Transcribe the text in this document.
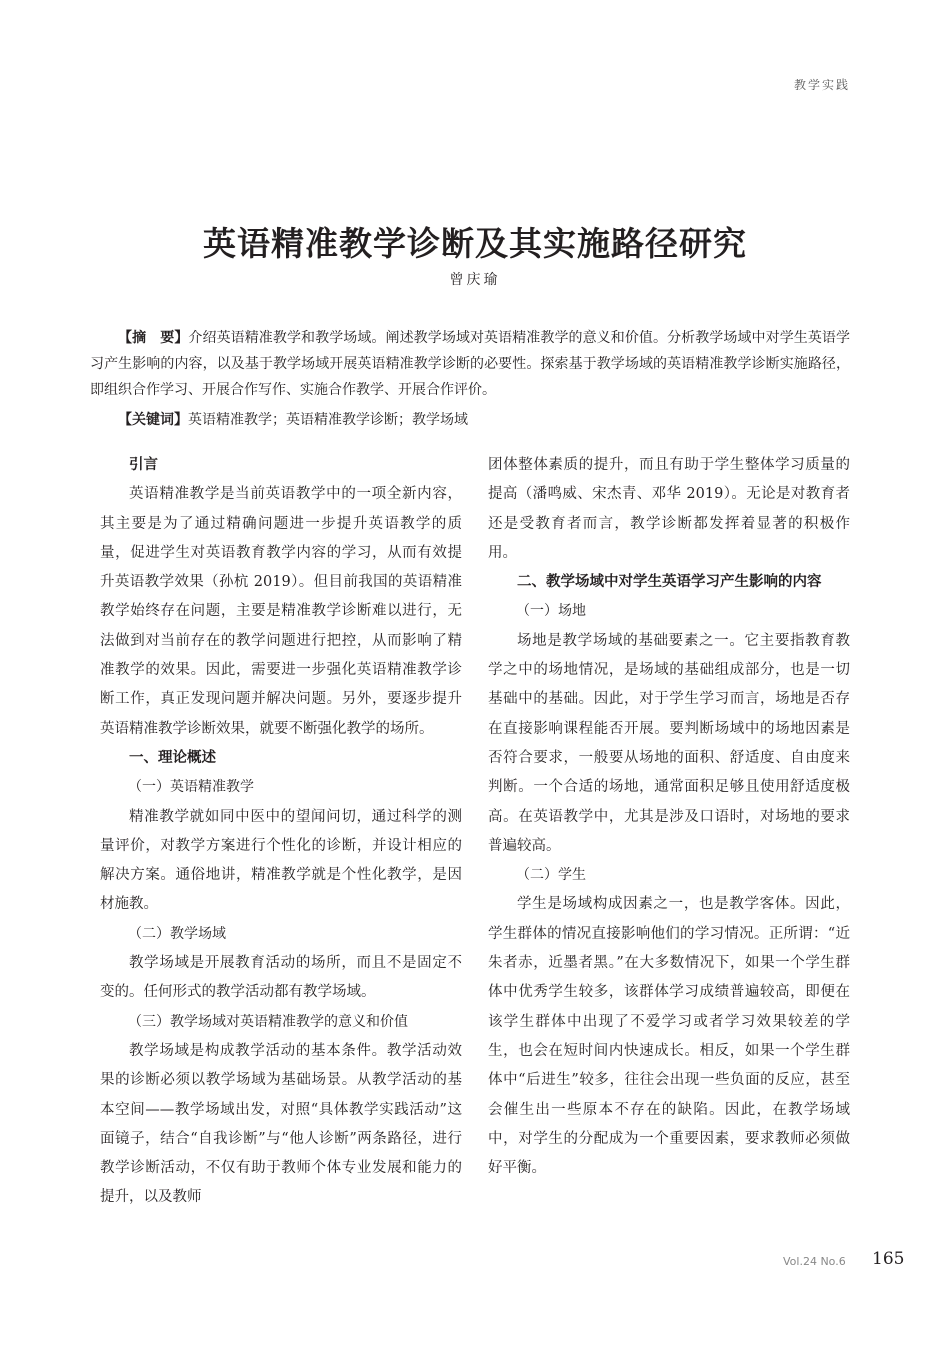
教学实践
英语精准教学诊断及其实施路径研究
曾庆瑜

【摘　要】介绍英语精准教学和教学场域。阐述教学场域对英语精准教学的意义和价值。分析教学场域中对学生英语学习产生影响的内容，以及基于教学场域开展英语精准教学诊断的必要性。探索基于教学场域的英语精准教学诊断实施路径，即组织合作学习、开展合作写作、实施合作教学、开展合作评价。

【关键词】英语精准教学；英语精准教学诊断；教学场域

引言

英语精准教学是当前英语教学中的一项全新内容，其主要是为了通过精确问题进一步提升英语教学的质量，促进学生对英语教育教学内容的学习，从而有效提升英语教学效果（孙杭 2019）。但目前我国的英语精准教学始终存在问题，主要是精准教学诊断难以进行，无法做到对当前存在的教学问题进行把控，从而影响了精准教学的效果。因此，需要进一步强化英语精准教学诊断工作，真正发现问题并解决问题。另外，要逐步提升英语精准教学诊断效果，就要不断强化教学的场所。

一、理论概述
（一）英语精准教学

精准教学就如同中医中的望闻问切，通过科学的测量评价，对教学方案进行个性化的诊断，并设计相应的解决方案。通俗地讲，精准教学就是个性化教学，是因材施教。

（二）教学场域

教学场域是开展教育活动的场所，而且不是固定不变的。任何形式的教学活动都有教学场域。

（三）教学场域对英语精准教学的意义和价值

教学场域是构成教学活动的基本条件。教学活动效果的诊断必须以教学场域为基础场景。从教学活动的基本空间——教学场域出发，对照“具体教学实践活动”这面镜子，结合“自我诊断”与“他人诊断”两条路径，进行教学诊断活动，不仅有助于教师个体专业发展和能力的提升，以及教师

团体整体素质的提升，而且有助于学生整体学习质量的提高（潘鸣威、宋杰青、邓华 2019）。无论是对教育者还是受教育者而言，教学诊断都发挥着显著的积极作用。

二、教学场域中对学生英语学习产生影响的内容
（一）场地

场地是教学场域的基础要素之一。它主要指教育教学之中的场地情况，是场域的基础组成部分，也是一切基础中的基础。因此，对于学生学习而言，场地是否存在直接影响课程能否开展。要判断场域中的场地因素是否符合要求，一般要从场地的面积、舒适度、自由度来判断。一个合适的场地，通常面积足够且使用舒适度极高。在英语教学中，尤其是涉及口语时，对场地的要求普遍较高。

（二）学生

学生是场域构成因素之一，也是教学客体。因此，学生群体的情况直接影响他们的学习情况。正所谓：“近朱者赤，近墨者黑。”在大多数情况下，如果一个学生群体中优秀学生较多，该群体学习成绩普遍较高，即便在该学生群体中出现了不爱学习或者学习效果较差的学生，也会在短时间内快速成长。相反，如果一个学生群体中“后进生”较多，往往会出现一些负面的反应，甚至会催生出一些原本不存在的缺陷。因此，在教学场域中，对学生的分配成为一个重要因素，要求教师必须做好平衡。

Vol.24 No.6 165
